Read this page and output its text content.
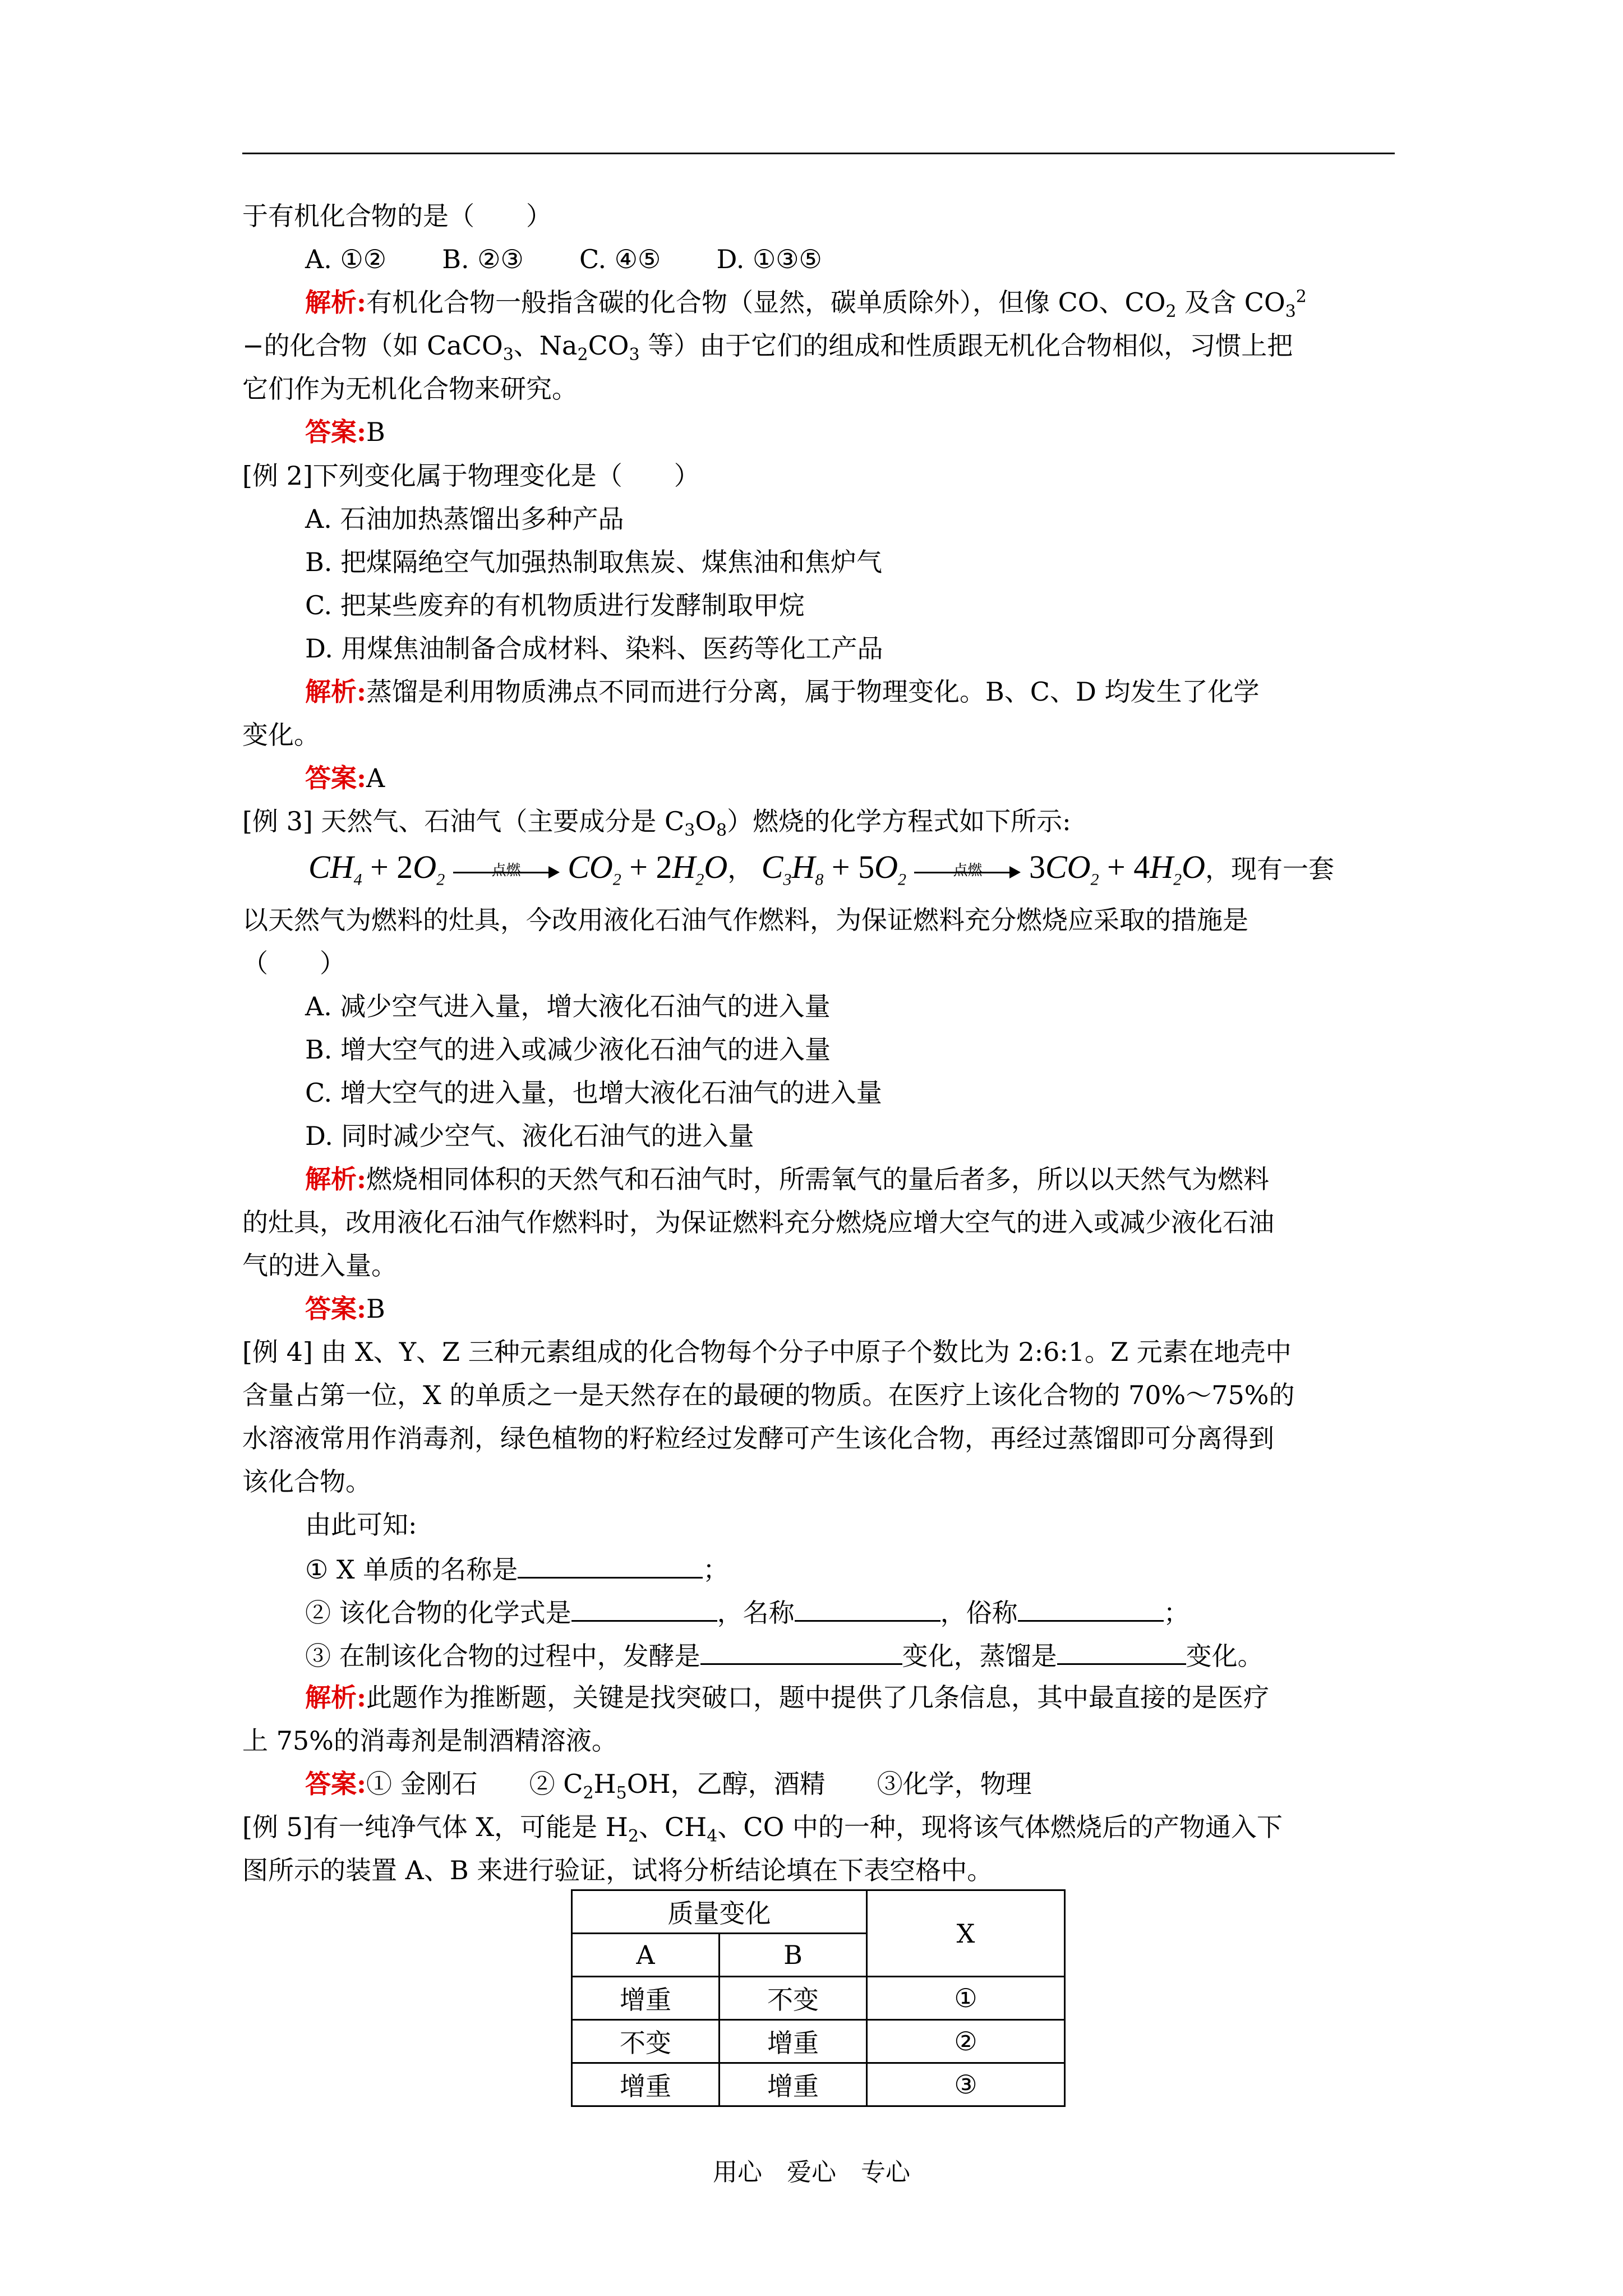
于有机化合物的是（　　）
A. ①② B. ②③ C. ④⑤ D. ①③⑤
解析:有机化合物一般指含碳的化合物（显然，碳单质除外），但像 CO、$CO_2$ 及含 $CO_3^2$
−的化合物（如 CaCO$_3$、$Na_2CO_3$ 等）由于它们的组成和性质跟无机化合物相似，习惯上把
它们作为无机化合物来研究。
答案:B
[例 2]下列变化属于物理变化是（　　）
A. 石油加热蒸馏出多种产品
B. 把煤隔绝空气加强热制取焦炭、煤焦油和焦炉气
C. 把某些废弃的有机物质进行发酵制取甲烷
D. 用煤焦油制备合成材料、染料、医药等化工产品
解析:蒸馏是利用物质沸点不同而进行分离，属于物理变化。B、C、D 均发生了化学
变化。
答案:A
[例 3] 天然气、石油气（主要成分是 $C_3O_8$）燃烧的化学方程式如下所示:
$CH_4 + 2O_2$	点燃	$CO_2 + 2H_2O$， $C_3H_8 + 5O_2$	点燃	$3CO_2 + 4H_2O$，现有一套
以天然气为燃料的灶具，今改用液化石油气作燃料，为保证燃料充分燃烧应采取的措施是
（　　）
A. 减少空气进入量，增大液化石油气的进入量
B. 增大空气的进入或减少液化石油气的进入量
C. 增大空气的进入量，也增大液化石油气的进入量
D. 同时减少空气、液化石油气的进入量
解析:燃烧相同体积的天然气和石油气时，所需氧气的量后者多，所以以天然气为燃料
的灶具，改用液化石油气作燃料时，为保证燃料充分燃烧应增大空气的进入或减少液化石油
气的进入量。
答案:B
[例 4] 由 X、Y、Z 三种元素组成的化合物每个分子中原子个数比为 2:6:1。Z 元素在地壳中
含量占第一位，X 的单质之一是天然存在的最硬的物质。在医疗上该化合物的 70%～75%的
水溶液常用作消毒剂，绿色植物的籽粒经过发酵可产生该化合物，再经过蒸馏即可分离得到
该化合物。
由此可知:
① X 单质的名称是	；
② 该化合物的化学式是	，名称	，俗称	；
③ 在制该化合物的过程中，发酵是	变化，蒸馏是	变化。
解析:此题作为推断题，关键是找突破口，题中提供了几条信息，其中最直接的是医疗
上 75%的消毒剂是制酒精溶液。
答案:① 金刚石　　② $C_2H_5OH$，乙醇，酒精　　③化学，物理
[例 5]有一纯净气体 X，可能是 $H_2$、$CH_4$、CO 中的一种，现将该气体燃烧后的产物通入下
图所示的装置 A、B 来进行验证，试将分析结论填在下表空格中。
质量变化		X
A	B	
增重	不变	①
不变	增重	②
增重	增重	③
用心　爱心　专心
